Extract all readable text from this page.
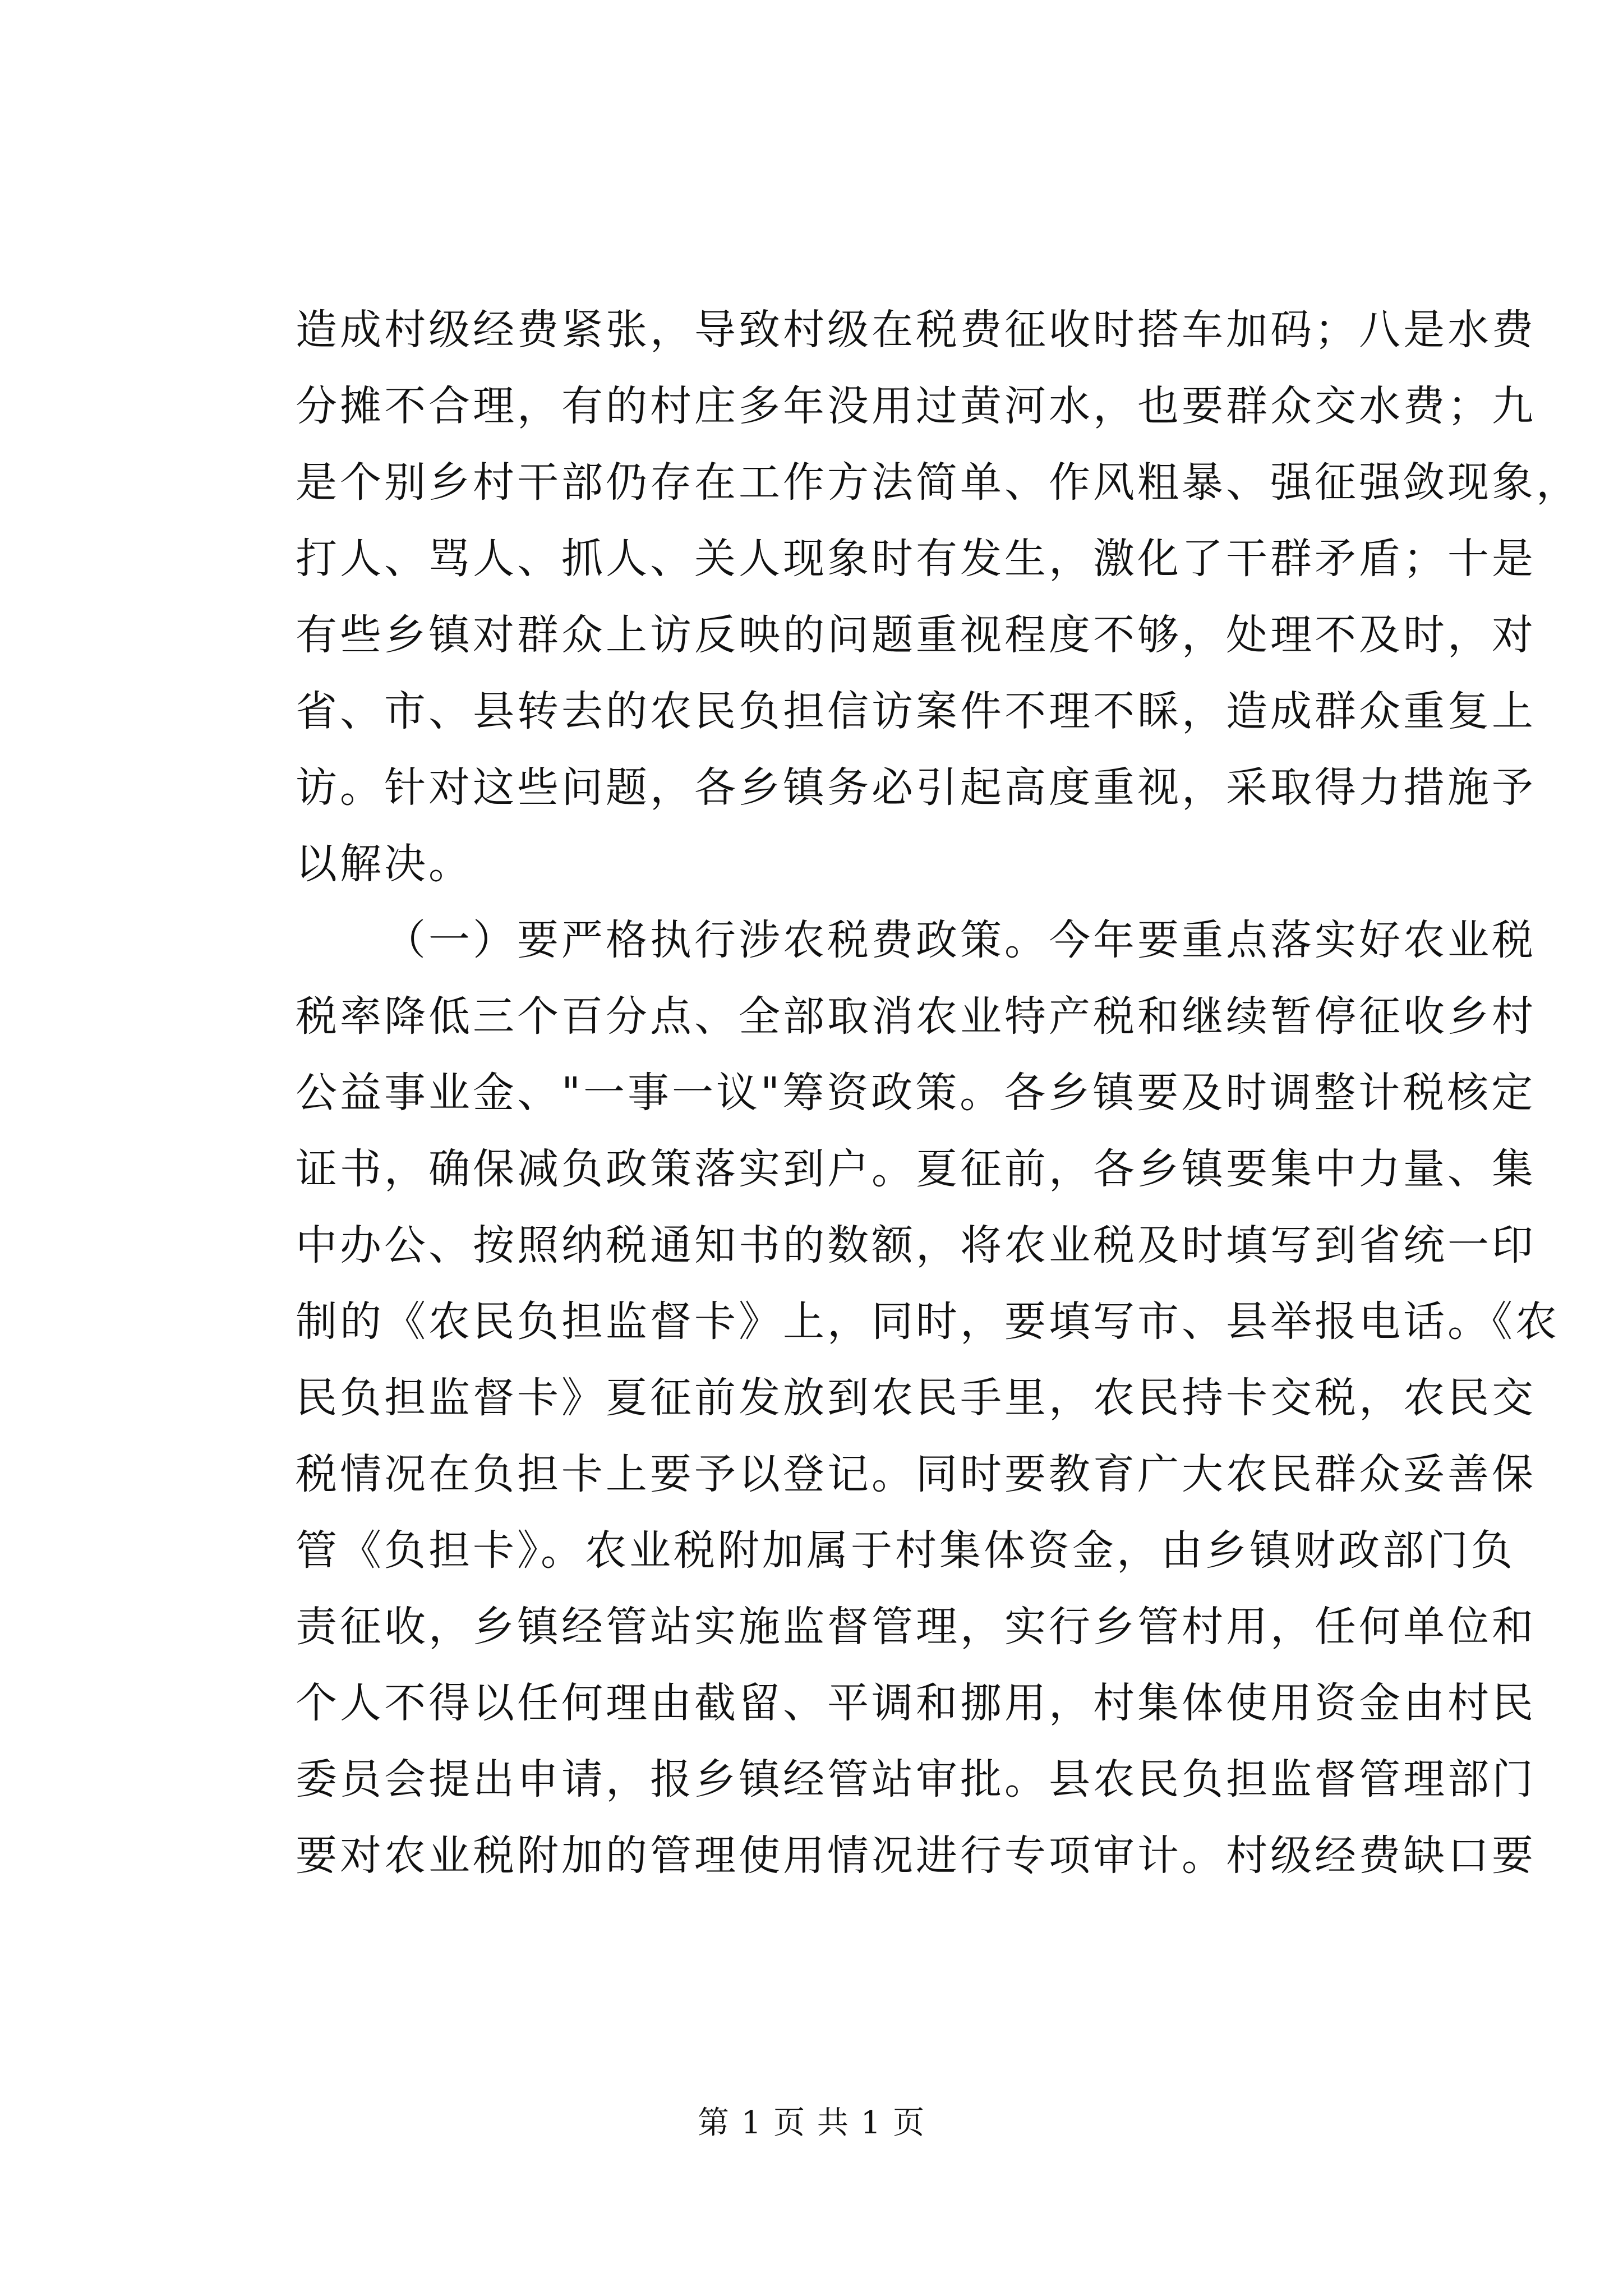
造成村级经费紧张，导致村级在税费征收时搭车加码；八是水费
分摊不合理，有的村庄多年没用过黄河水，也要群众交水费；九
是个别乡村干部仍存在工作方法简单、作风粗暴、强征强敛现象，
打人、骂人、抓人、关人现象时有发生，激化了干群矛盾；十是
有些乡镇对群众上访反映的问题重视程度不够，处理不及时，对
省、市、县转去的农民负担信访案件不理不睬，造成群众重复上
访。针对这些问题，各乡镇务必引起高度重视，采取得力措施予
以解决。
（一）要严格执行涉农税费政策。今年要重点落实好农业税
税率降低三个百分点、全部取消农业特产税和继续暂停征收乡村
公益事业金、"一事一议"筹资政策。各乡镇要及时调整计税核定
证书，确保减负政策落实到户。夏征前，各乡镇要集中力量、集
中办公、按照纳税通知书的数额，将农业税及时填写到省统一印
制的《农民负担监督卡》上，同时，要填写市、县举报电话。《农
民负担监督卡》夏征前发放到农民手里，农民持卡交税，农民交
税情况在负担卡上要予以登记。同时要教育广大农民群众妥善保
管《负担卡》。农业税附加属于村集体资金，由乡镇财政部门负
责征收，乡镇经管站实施监督管理，实行乡管村用，任何单位和
个人不得以任何理由截留、平调和挪用，村集体使用资金由村民
委员会提出申请，报乡镇经管站审批。县农民负担监督管理部门
要对农业税附加的管理使用情况进行专项审计。村级经费缺口要
第 1 页 共 1 页
